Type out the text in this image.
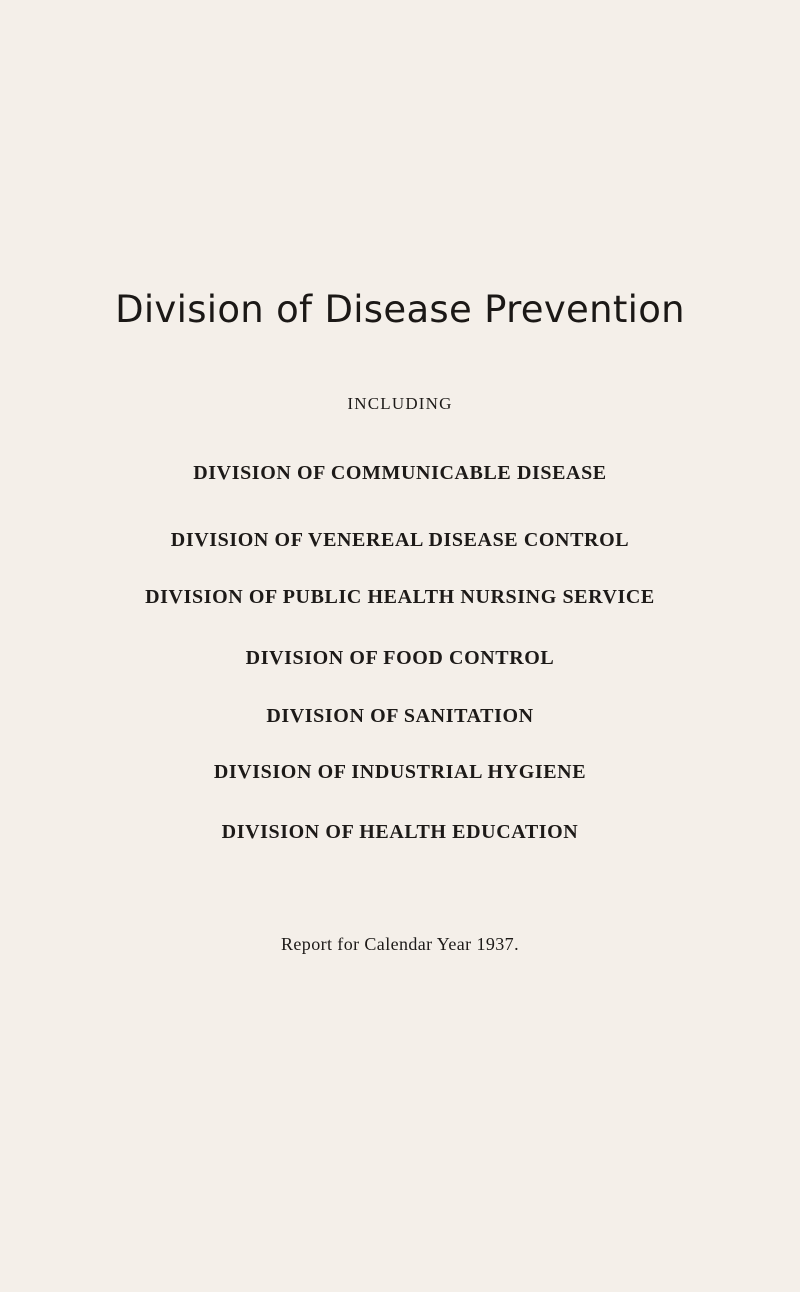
Division of Disease Prevention
INCLUDING
DIVISION OF COMMUNICABLE DISEASE
DIVISION OF VENEREAL DISEASE CONTROL
DIVISION OF PUBLIC HEALTH NURSING SERVICE
DIVISION OF FOOD CONTROL
DIVISION OF SANITATION
DIVISION OF INDUSTRIAL HYGIENE
DIVISION OF HEALTH EDUCATION
Report for Calendar Year 1937.
